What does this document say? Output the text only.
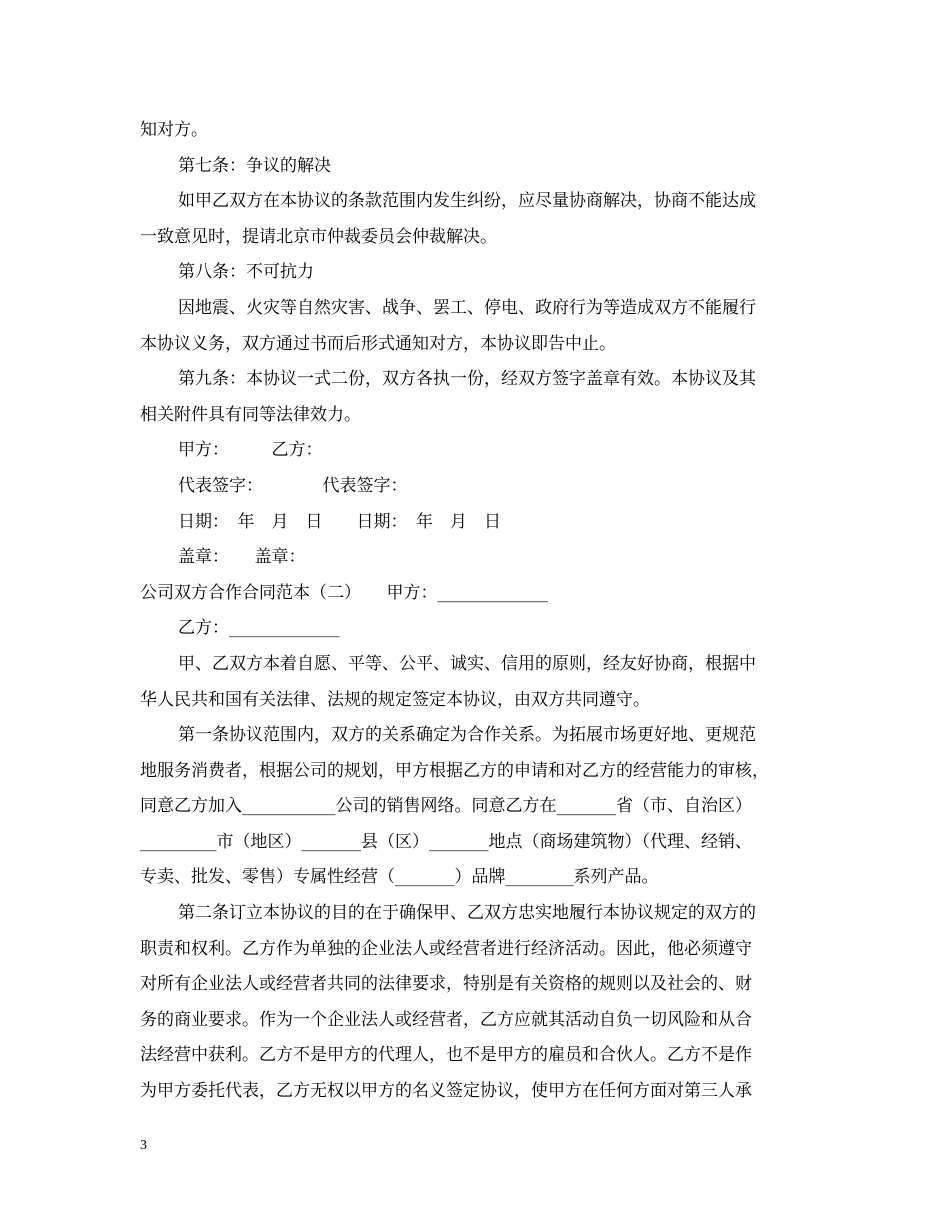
知对方。
第七条：争议的解决
如甲乙双方在本协议的条款范围内发生纠纷，应尽量协商解决，协商不能达成
一致意见时，提请北京市仲裁委员会仲裁解决。
第八条：不可抗力
因地震、火灾等自然灾害、战争、罢工、停电、政府行为等造成双方不能履行
本协议义务，双方通过书而后形式通知对方，本协议即告中止。
第九条：本协议一式二份，双方各执一份，经双方签字盖章有效。本协议及其
相关附件具有同等法律效力。
甲方：　　　乙方：
代表签字：　　　　代表签字：
日期：　年　月　日　　日期：　年　月　日
盖章：　　盖章：
公司双方合作合同范本（二）　　甲方：_____________
乙方：_____________
甲、乙双方本着自愿、平等、公平、诚实、信用的原则，经友好协商，根据中
华人民共和国有关法律、法规的规定签定本协议，由双方共同遵守。
第一条协议范围内，双方的关系确定为合作关系。为拓展市场更好地、更规范
地服务消费者，根据公司的规划，甲方根据乙方的申请和对乙方的经营能力的审核，
同意乙方加入___________公司的销售网络。同意乙方在_______省（市、自治区）
_________市（地区）_______县（区）_______地点（商场建筑物）（代理、经销、
专卖、批发、零售）专属性经营（_______）品牌________系列产品。
第二条订立本协议的目的在于确保甲、乙双方忠实地履行本协议规定的双方的
职责和权利。乙方作为单独的企业法人或经营者进行经济活动。因此，他必须遵守
对所有企业法人或经营者共同的法律要求，特别是有关资格的规则以及社会的、财
务的商业要求。作为一个企业法人或经营者，乙方应就其活动自负一切风险和从合
法经营中获利。乙方不是甲方的代理人，也不是甲方的雇员和合伙人。乙方不是作
为甲方委托代表，乙方无权以甲方的名义签定协议，使甲方在任何方面对第三人承
3
